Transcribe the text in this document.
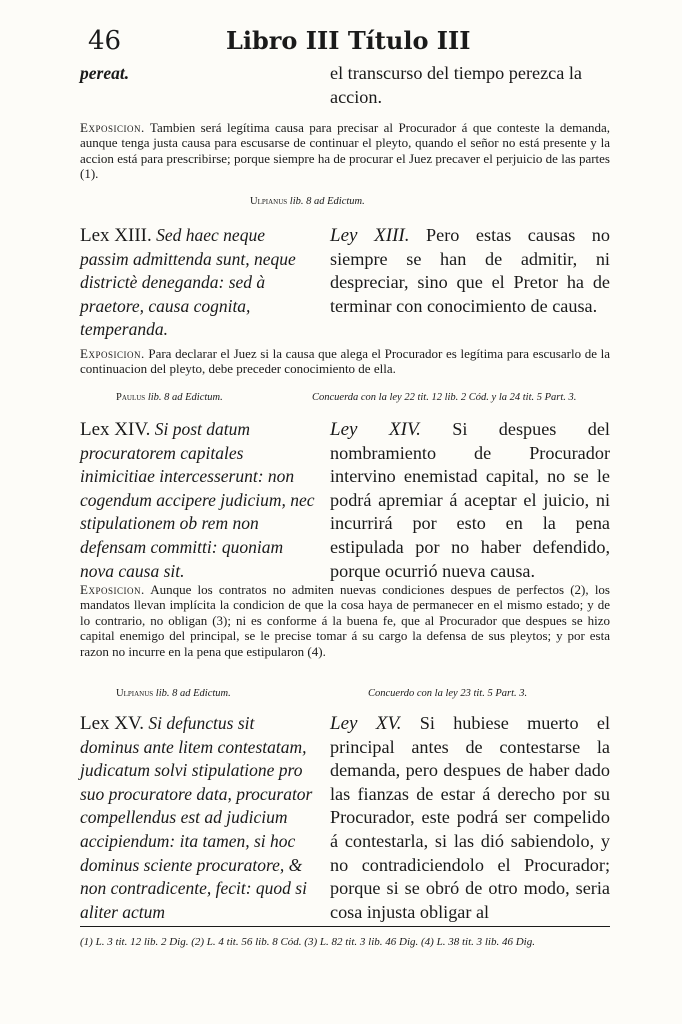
46	Libro III Título III

pereat.	el transcurso del tiempo perezca la accion.

Exposicion. Tambien será legítima causa para precisar al Procurador á que conteste la demanda, aunque tenga justa causa para escusarse de continuar el pleyto, quando el señor no está presente y la accion está para prescribirse; porque siempre ha de procurar el Juez precaver el perjuicio de las partes (1).

Ulpianus lib. 8 ad Edictum.

Lex XIII. Sed haec neque passim admittenda sunt, neque districtè deneganda: sed à praetore, causa cognita, temperanda.

Ley XIII. Pero estas causas no siempre se han de admitir, ni despreciar, sino que el Pretor ha de terminar con conocimiento de causa.

Exposicion. Para declarar el Juez si la causa que alega el Procurador es legítima para escusarlo de la continuacion del pleyto, debe preceder conocimiento de ella.

Paulus lib. 8 ad Edictum.	Concuerda con la ley 22 tit. 12 lib. 2 Cód. y la 24 tit. 5 Part. 3.

Lex XIV. Si post datum procuratorem capitales inimicitiae intercesserunt: non cogendum accipere judicium, nec stipulationem ob rem non defensam committi: quoniam nova causa sit.

Ley XIV. Si despues del nombramiento de Procurador intervino enemistad capital, no se le podrá apremiar á aceptar el juicio, ni incurrirá por esto en la pena estipulada por no haber defendido, porque ocurrió nueva causa.

Exposicion. Aunque los contratos no admiten nuevas condiciones despues de perfectos (2), los mandatos llevan implícita la condicion de que la cosa haya de permanecer en el mismo estado; y de lo contrario, no obligan (3); ni es conforme á la buena fe, que al Procurador que despues se hizo capital enemigo del principal, se le precise tomar á su cargo la defensa de sus pleytos; y por esta razon no incurre en la pena que estipularon (4).

Ulpianus lib. 8 ad Edictum.	Concuerdo con la ley 23 tit. 5 Part. 3.

Lex XV. Si defunctus sit dominus ante litem contestatam, judicatum solvi stipulatione pro suo procuratore data, procurator compellendus est ad judicium accipiendum: ita tamen, si hoc dominus sciente procuratore, & non contradicente, fecit: quod si aliter actum

Ley XV. Si hubiese muerto el principal antes de contestarse la demanda, pero despues de haber dado las fianzas de estar á derecho por su Procurador, este podrá ser compelido á contestarla, si las dió sabiendolo, y no contradiciendolo el Procurador; porque si se obró de otro modo, seria cosa injusta obligar al

(1) L. 3 tit. 12 lib. 2 Dig. (2) L. 4 tit. 56 lib. 8 Cód. (3) L. 82 tit. 3 lib. 46 Dig. (4) L. 38 tit. 3 lib. 46 Dig.
